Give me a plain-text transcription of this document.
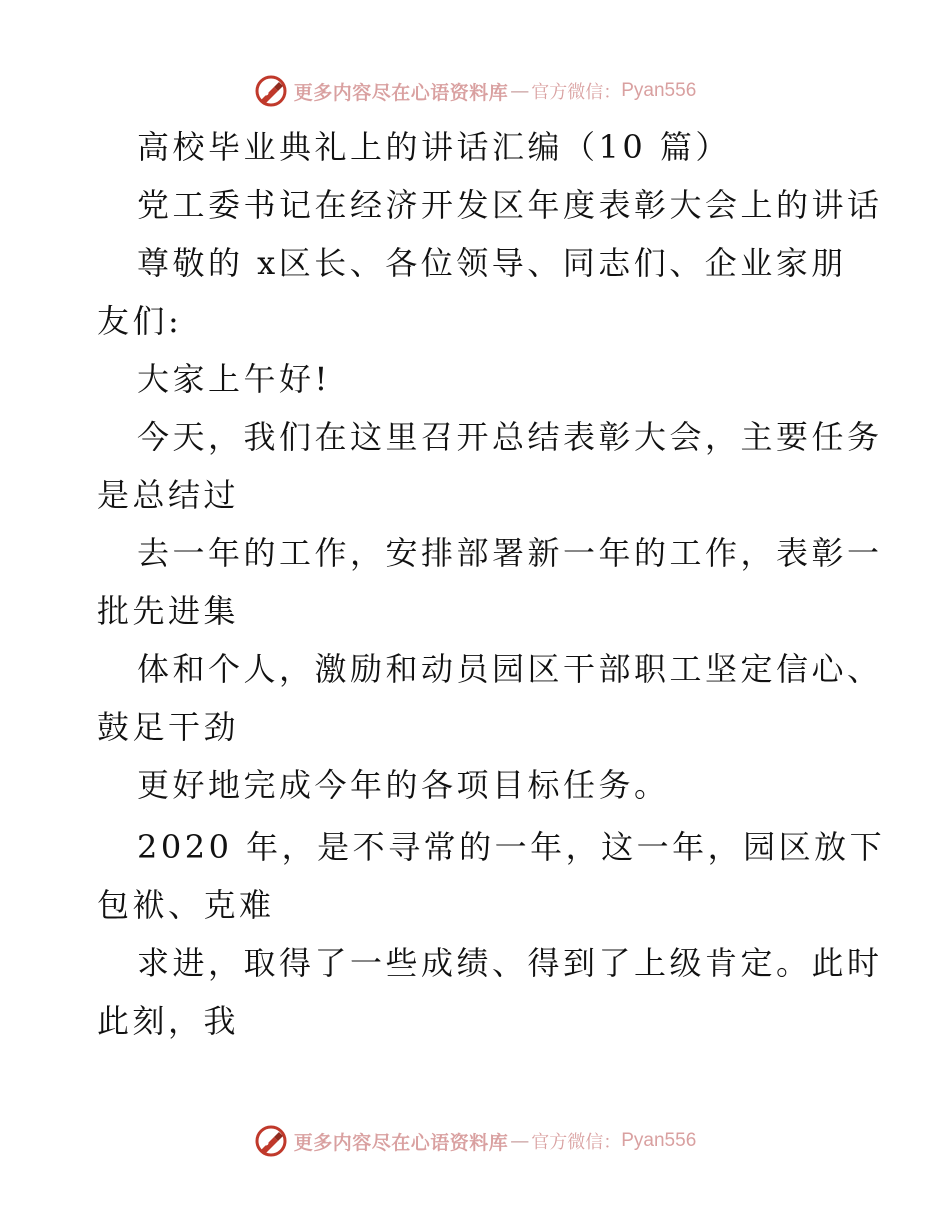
更多内容尽在心语资料库 — 官方微信： Pyan556
高校毕业典礼上的讲话汇编（10 篇）
党工委书记在经济开发区年度表彰大会上的讲话
尊敬的 x区长、各位领导、同志们、企业家朋
友们:
大家上午好!
今天，我们在这里召开总结表彰大会，主要任务
是总结过
去一年的工作，安排部署新一年的工作，表彰一
批先进集
体和个人，激励和动员园区干部职工坚定信心、
鼓足干劲
更好地完成今年的各项目标任务。
2020 年，是不寻常的一年，这一年，园区放下
包袱、克难
求进，取得了一些成绩、得到了上级肯定。此时
此刻，我
更多内容尽在心语资料库 — 官方微信： Pyan556
